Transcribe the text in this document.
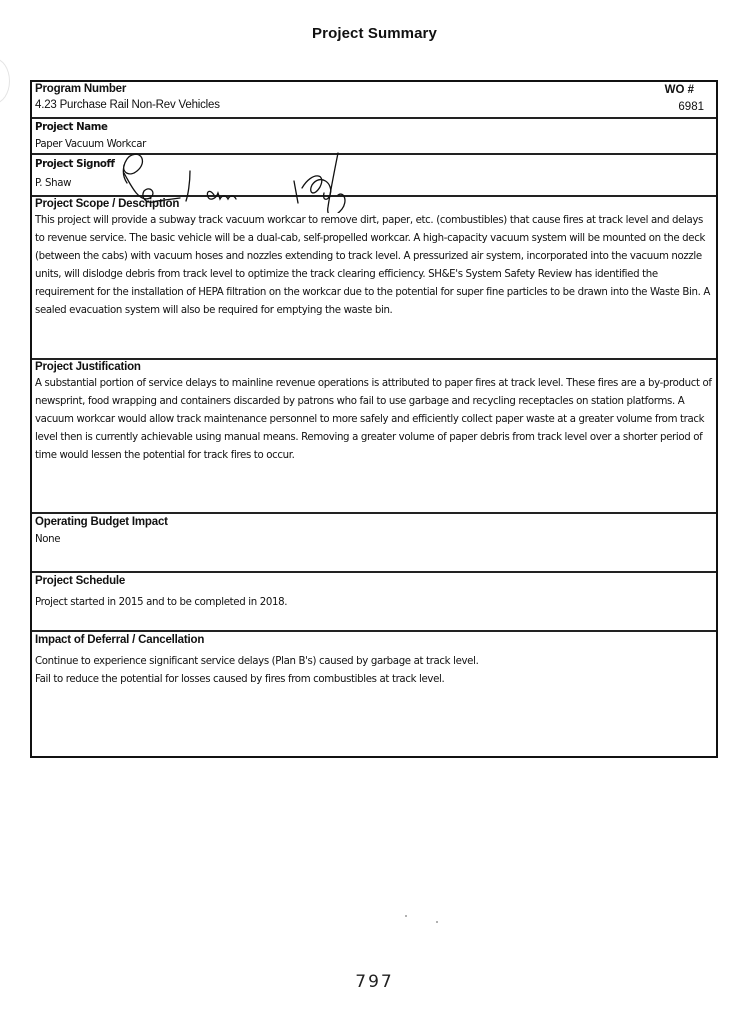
Project Summary
Program Number
4.23 Purchase Rail Non-Rev Vehicles
WO #
6981
Project Name
Paper Vacuum Workcar
Project Signoff
P. Shaw
Project Scope / Description
This project will provide a subway track vacuum workcar to remove dirt, paper, etc. (combustibles) that cause fires at track level and delays to revenue service. The basic vehicle will be a dual-cab, self-propelled workcar. A high-capacity vacuum system will be mounted on the deck (between the cabs) with vacuum hoses and nozzles extending to track level. A pressurized air system, incorporated into the vacuum nozzle units, will dislodge debris from track level to optimize the track clearing efficiency. SH&E's System Safety Review has identified the requirement for the installation of HEPA filtration on the workcar due to the potential for super fine particles to be drawn into the Waste Bin. A sealed evacuation system will also be required for emptying the waste bin.
Project Justification
A substantial portion of service delays to mainline revenue operations is attributed to paper fires at track level. These fires are a by-product of newsprint, food wrapping and containers discarded by patrons who fail to use garbage and recycling receptacles on station platforms. A vacuum workcar would allow track maintenance personnel to more safely and efficiently collect paper waste at a greater volume from track level then is currently achievable using manual means. Removing a greater volume of paper debris from track level over a shorter period of time would lessen the potential for track fires to occur.
Operating Budget Impact
None
Project Schedule
Project started in 2015 and to be completed in 2018.
Impact of Deferral / Cancellation
Continue to experience significant service delays (Plan B's) caused by garbage at track level.
Fail to reduce the potential for losses caused by fires from combustibles at track level.
797
